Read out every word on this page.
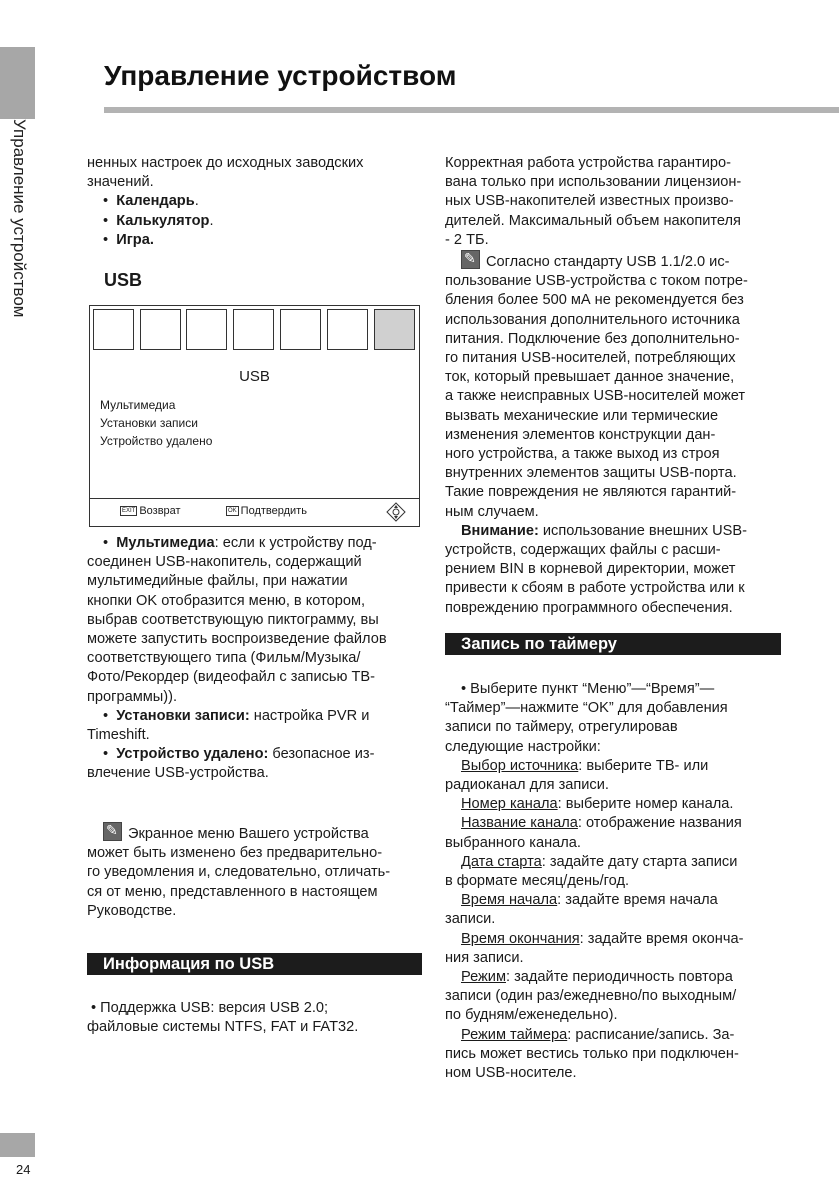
Управление устройством
Управление устройством

ненных настроек до исходных заводских

значений.

•  Календарь.

•  Калькулятор.

•  Игра.

USB
USB
Мультимедиа
Установки записи
Устройство удалено
EXIT Возврат	OK Подтвердить

•  Мультимедиа: если к устройству под-

соединен USB-накопитель, содержащий

мультимедийные файлы, при нажатии

кнопки OK отобразится меню, в котором,

выбрав соответствующую пиктограмму, вы

можете запустить воспроизведение файлов

соответствующего типа (Фильм/Музыка/

Фото/Рекордер (видеофайл с записью ТВ-

программы)).

•  Установки записи: настройка PVR и

Timeshift.

•  Устройство удалено: безопасное из-

влечение USB-устройства.

✎Экранное меню Вашего устройства

может быть изменено без предварительно-

го уведомления и, следовательно, отличать-

ся от меню, представленного в настоящем

Руководстве.

Информация по USB

• Поддержка USB: версия USB 2.0;

файловые системы NTFS, FAT и FAT32.

Корректная работа устройства гарантиро-

вана только при использовании лицензион-

ных USB-накопителей известных произво-

дителей. Максимальный объем накопителя

- 2 ТБ.

✎Согласно стандарту USB 1.1/2.0 ис-

пользование USB-устройства с током потре-

бления более 500 мА не рекомендуется без

использования дополнительного источника

питания. Подключение без дополнительно-

го питания USB-носителей, потребляющих

ток, который превышает данное значение,

а также неисправных USB-носителей может

вызвать механические или термические

изменения элементов конструкции дан-

ного устройства, а также выход из строя

внутренних элементов защиты USB-порта.

Такие повреждения не являются гарантий-

ным случаем.

Внимание: использование внешних USB-

устройств, содержащих файлы с расши-

рением BIN в корневой директории, может

привести к сбоям в работе устройства или к

повреждению программного обеспечения.

Запись по таймеру

• Выберите пункт “Меню”—“Время”—

“Таймер”—нажмите “OK” для добавления

записи по таймеру, отрегулировав

следующие настройки:

Выбор источника: выберите ТВ- или

радиоканал для записи.

Номер канала: выберите номер канала.

Название канала: отображение названия

выбранного канала.

Дата старта: задайте дату старта записи

в формате месяц/день/год.

Время начала: задайте время начала

записи.

Время окончания: задайте время оконча-

ния записи.

Режим: задайте периодичность повтора

записи (один раз/ежедневно/по выходным/

по будням/еженедельно).

Режим таймера: расписание/запись. За-

пись может вестись только при подключен-

ном USB-носителе.

24
